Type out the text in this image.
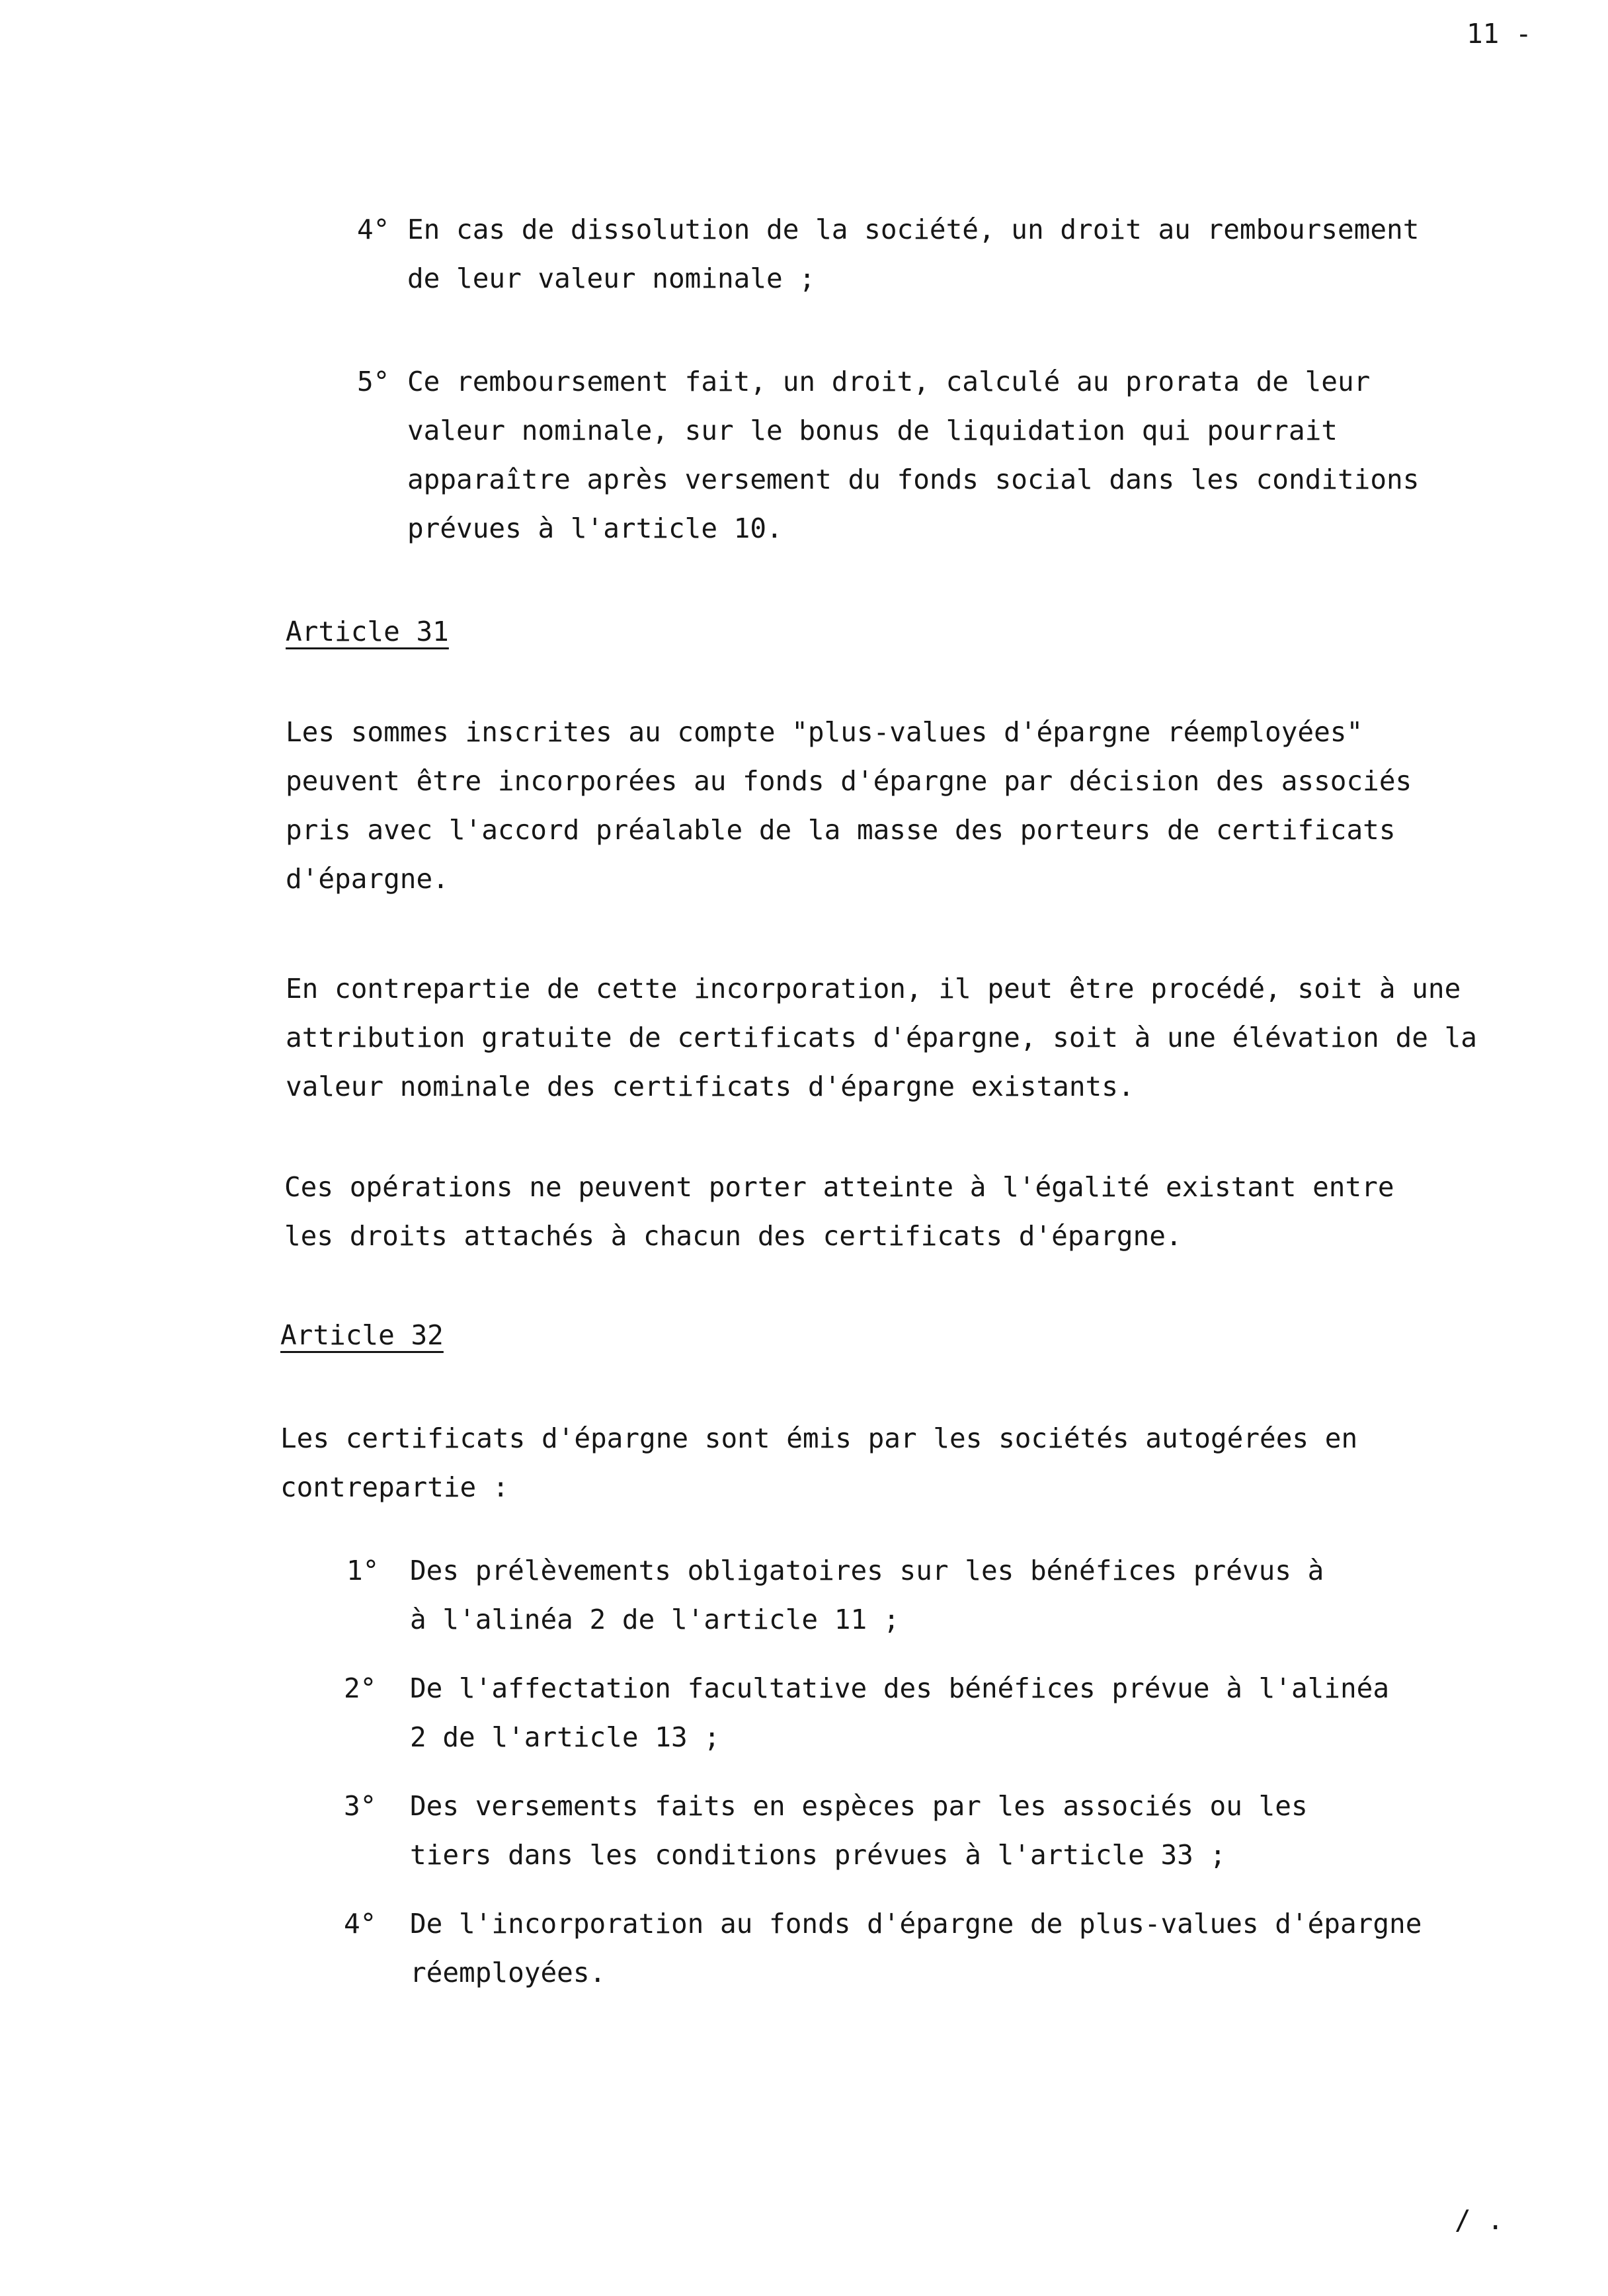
11 -
4° En cas de dissolution de la société, un droit au remboursement
de leur valeur nominale ;
5° Ce remboursement fait, un droit, calculé au prorata de leur
valeur nominale, sur le bonus de liquidation qui pourrait
apparaître après versement du fonds social dans les conditions
prévues à l'article 10.
Article 31
Les sommes inscrites au compte "plus-values d'épargne réemployées"
peuvent être incorporées au fonds d'épargne par décision des associés
pris avec l'accord préalable de la masse des porteurs de certificats
d'épargne.
En contrepartie de cette incorporation, il peut être procédé, soit à une
attribution gratuite de certificats d'épargne, soit à une élévation de la
valeur nominale des certificats d'épargne existants.
Ces opérations ne peuvent porter atteinte à l'égalité existant entre
les droits attachés à chacun des certificats d'épargne.
Article 32
Les certificats d'épargne sont émis par les sociétés autogérées en
contrepartie :
1° Des prélèvements obligatoires sur les bénéfices prévus à
à l'alinéa 2 de l'article 11 ;
2° De l'affectation facultative des bénéfices prévue à l'alinéa
2 de l'article 13 ;
3° Des versements faits en espèces par les associés ou les
tiers dans les conditions prévues à l'article 33 ;
4° De l'incorporation au fonds d'épargne de plus-values d'épargne
réemployées.
/ .
